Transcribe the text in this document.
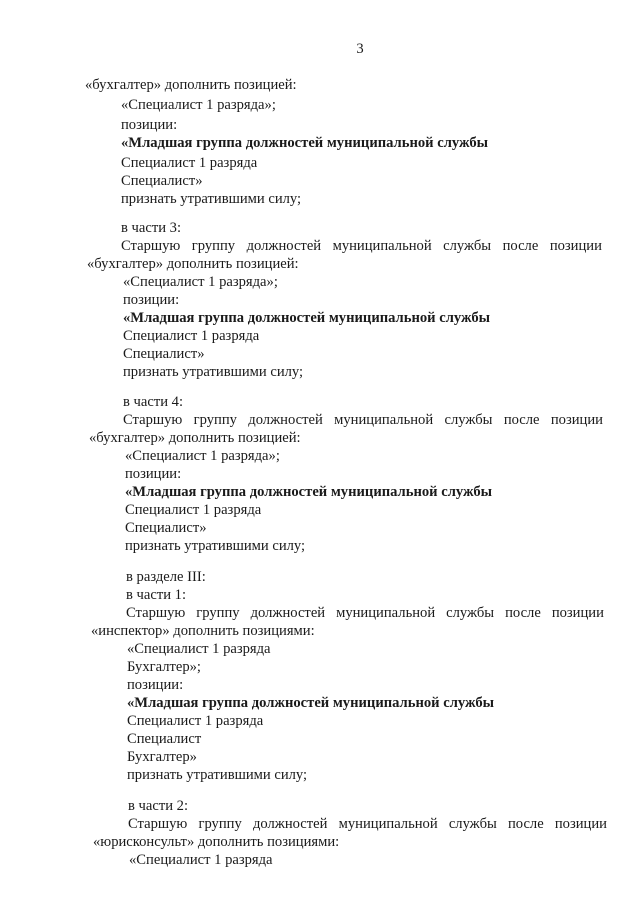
3
«бухгалтер» дополнить позицией:
«Специалист 1 разряда»;
позиции:
«Младшая группа должностей муниципальной службы
Специалист 1 разряда
Специалист»
признать утратившими силу;
в части 3:
Старшую группу должностей муниципальной службы после позиции
«бухгалтер» дополнить позицией:
«Специалист 1 разряда»;
позиции:
«Младшая группа должностей муниципальной службы
Специалист 1 разряда
Специалист»
признать утратившими силу;
в части 4:
Старшую группу должностей муниципальной службы после позиции
«бухгалтер» дополнить позицией:
«Специалист 1 разряда»;
позиции:
«Младшая группа должностей муниципальной службы
Специалист 1 разряда
Специалист»
признать утратившими силу;
в разделе III:
в части 1:
Старшую группу должностей муниципальной службы после позиции
«инспектор» дополнить позициями:
«Специалист 1 разряда
Бухгалтер»;
позиции:
«Младшая группа должностей муниципальной службы
Специалист 1 разряда
Специалист
Бухгалтер»
признать утратившими силу;
в части 2:
Старшую группу должностей муниципальной службы после позиции
«юрисконсульт» дополнить позициями:
«Специалист 1 разряда
